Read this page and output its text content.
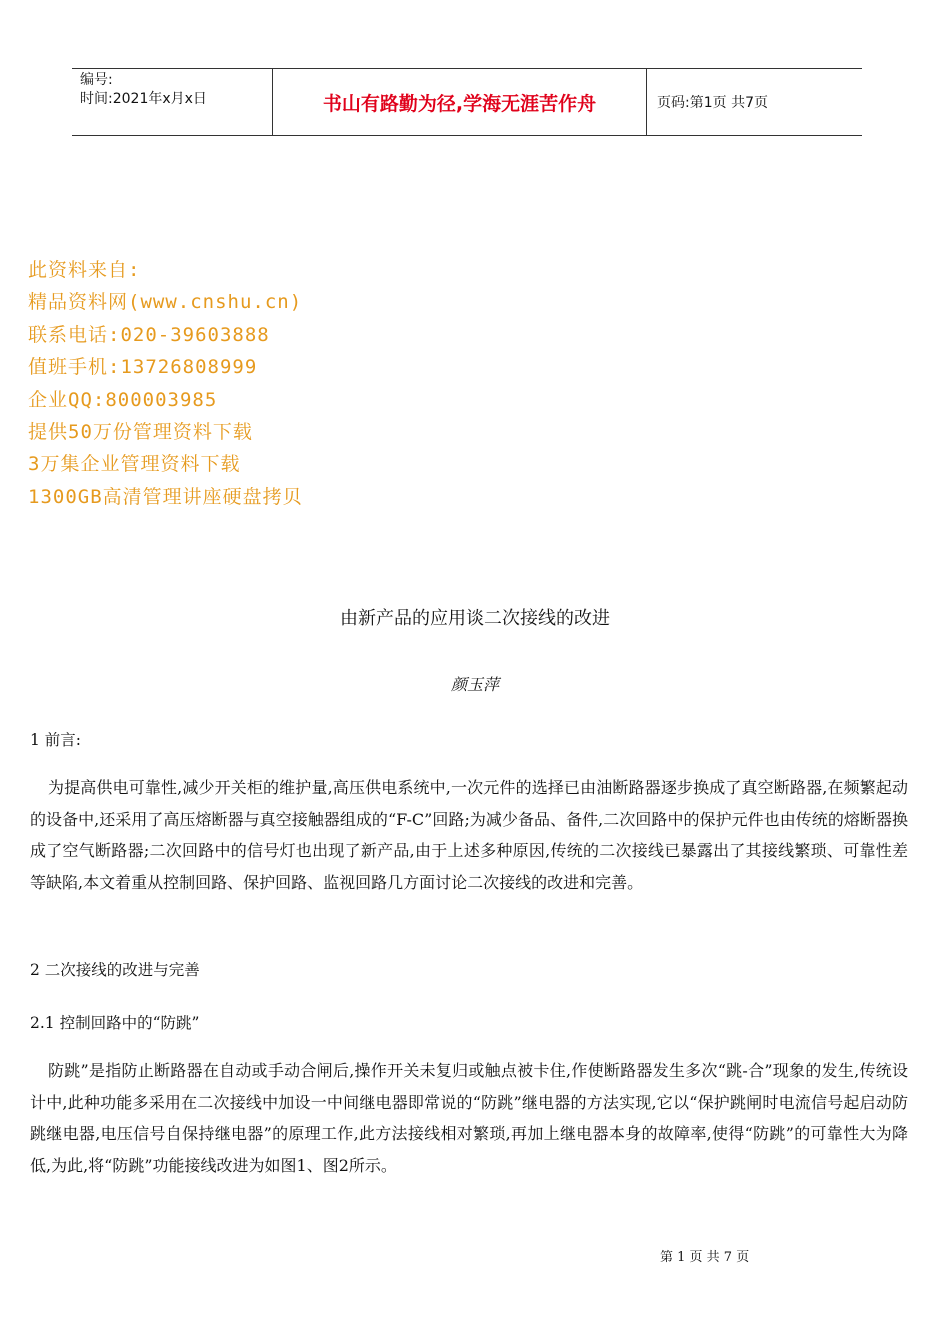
编号:
时间:2021年x月x日	书山有路勤为径,学海无涯苦作舟	页码:第1页 共7页
此资料来自:
精品资料网(www.cnshu.cn)
联系电话:020-39603888
值班手机:13726808999
企业QQ:800003985
提供50万份管理资料下载
3万集企业管理资料下载
1300GB高清管理讲座硬盘拷贝
由新产品的应用谈二次接线的改进
颜玉萍
1 前言:
为提高供电可靠性,减少开关柜的维护量,高压供电系统中,一次元件的选择已由油断路器逐步换成了真空断路器,在频繁起动的设备中,还采用了高压熔断器与真空接触器组成的“F-C”回路;为减少备品、备件,二次回路中的保护元件也由传统的熔断器换成了空气断路器;二次回路中的信号灯也出现了新产品,由于上述多种原因,传统的二次接线已暴露出了其接线繁琐、可靠性差等缺陷,本文着重从控制回路、保护回路、监视回路几方面讨论二次接线的改进和完善。
2 二次接线的改进与完善
2.1 控制回路中的“防跳”
防跳”是指防止断路器在自动或手动合闸后,操作开关未复归或触点被卡住,作使断路器发生多次“跳-合”现象的发生,传统设计中,此种功能多采用在二次接线中加设一中间继电器即常说的“防跳”继电器的方法实现,它以“保护跳闸时电流信号起启动防跳继电器,电压信号自保持继电器”的原理工作,此方法接线相对繁琐,再加上继电器本身的故障率,使得“防跳”的可靠性大为降低,为此,将“防跳”功能接线改进为如图1、图2所示。
第 1 页 共 7 页
